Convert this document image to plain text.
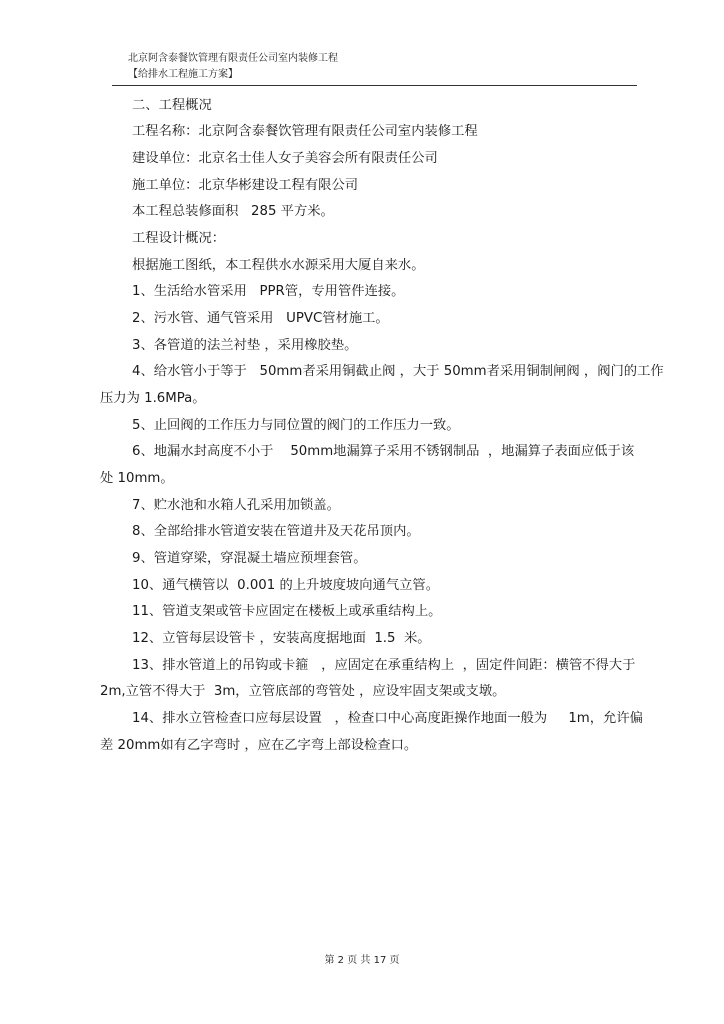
北京阿含泰餐饮管理有限责任公司室内装修工程
【给排水工程施工方案】
二、工程概况
工程名称：北京阿含泰餐饮管理有限责任公司室内装修工程
建设单位：北京名士佳人女子美容会所有限责任公司
施工单位：北京华彬建设工程有限公司
本工程总装修面积   285 平方米。
工程设计概况：
根据施工图纸，本工程供水水源采用大厦自来水。
1、生活给水管采用   PPR管，专用管件连接。
2、污水管、通气管采用   UPVC管材施工。
3、各管道的法兰衬垫 ，采用橡胶垫。
4、给水管小于等于   50mm者采用铜截止阀 ，大于 50mm者采用铜制闸阀 ，阀门的工作
压力为 1.6MPa。
5、止回阀的工作压力与同位置的阀门的工作压力一致。
6、地漏水封高度不小于    50mm地漏算子采用不锈钢制品  ，地漏算子表面应低于该
处 10mm。
7、贮水池和水箱人孔采用加锁盖。
8、全部给排水管道安装在管道井及天花吊顶内。
9、管道穿梁，穿混凝土墙应预埋套管。
10、通气横管以  0.001 的上升坡度坡向通气立管。
11、管道支架或管卡应固定在楼板上或承重结构上。
12、立管每层设管卡 ，安装高度据地面  1.5  米。
13、排水管道上的吊钩或卡箍   ，应固定在承重结构上  ，固定件间距：横管不得大于
2m,立管不得大于  3m，立管底部的弯管处 ，应设牢固支架或支墩。
14、排水立管检查口应每层设置   ，检查口中心高度距操作地面一般为     1m，允许偏
差 20mm如有乙字弯时 ，应在乙字弯上部设检查口。
第 2 页 共 17 页
